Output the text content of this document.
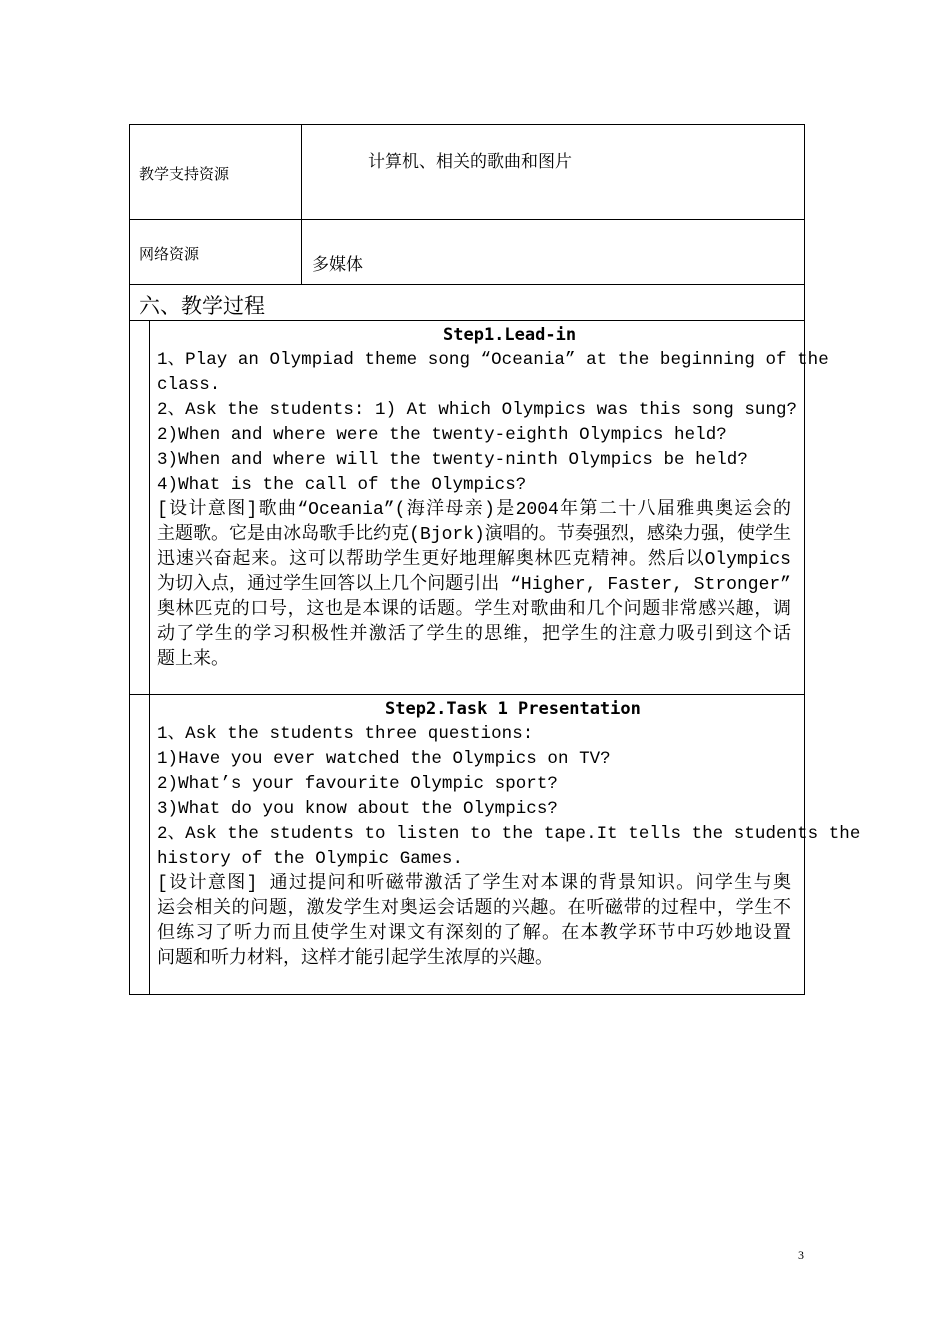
教学支持资源
计算机、相关的歌曲和图片
网络资源
多媒体
六、教学过程
Step1.Lead-in
1、Play an Olympiad theme song “Oceania” at the beginning of the
class.
2、Ask the students: 1) At which Olympics was this song sung?
2)When and where were the twenty-eighth Olympics held?
3)When and where will the twenty-ninth Olympics be held?
4)What is the call of the Olympics?
[设计意图]歌曲“Oceania”(海洋母亲)是2004年第二十八届雅典奥运会的
主题歌。它是由冰岛歌手比约克(Bjork)演唱的。节奏强烈，感染力强，使学生
迅速兴奋起来。这可以帮助学生更好地理解奥林匹克精神。然后以Olympics
为切入点，通过学生回答以上几个问题引出 “Higher, Faster, Stronger”
奥林匹克的口号，这也是本课的话题。学生对歌曲和几个问题非常感兴趣，调
动了学生的学习积极性并激活了学生的思维，把学生的注意力吸引到这个话
题上来。
Step2.Task 1 Presentation
1、Ask the students three questions:
1)Have you ever watched the Olympics on TV?
2)What’s your favourite Olympic sport?
3)What do you know about the Olympics?
2、Ask the students to listen to the tape.It tells the students the
history of the Olympic Games.
[设计意图] 通过提问和听磁带激活了学生对本课的背景知识。问学生与奥
运会相关的问题，激发学生对奥运会话题的兴趣。在听磁带的过程中，学生不
但练习了听力而且使学生对课文有深刻的了解。在本教学环节中巧妙地设置
问题和听力材料，这样才能引起学生浓厚的兴趣。
3
